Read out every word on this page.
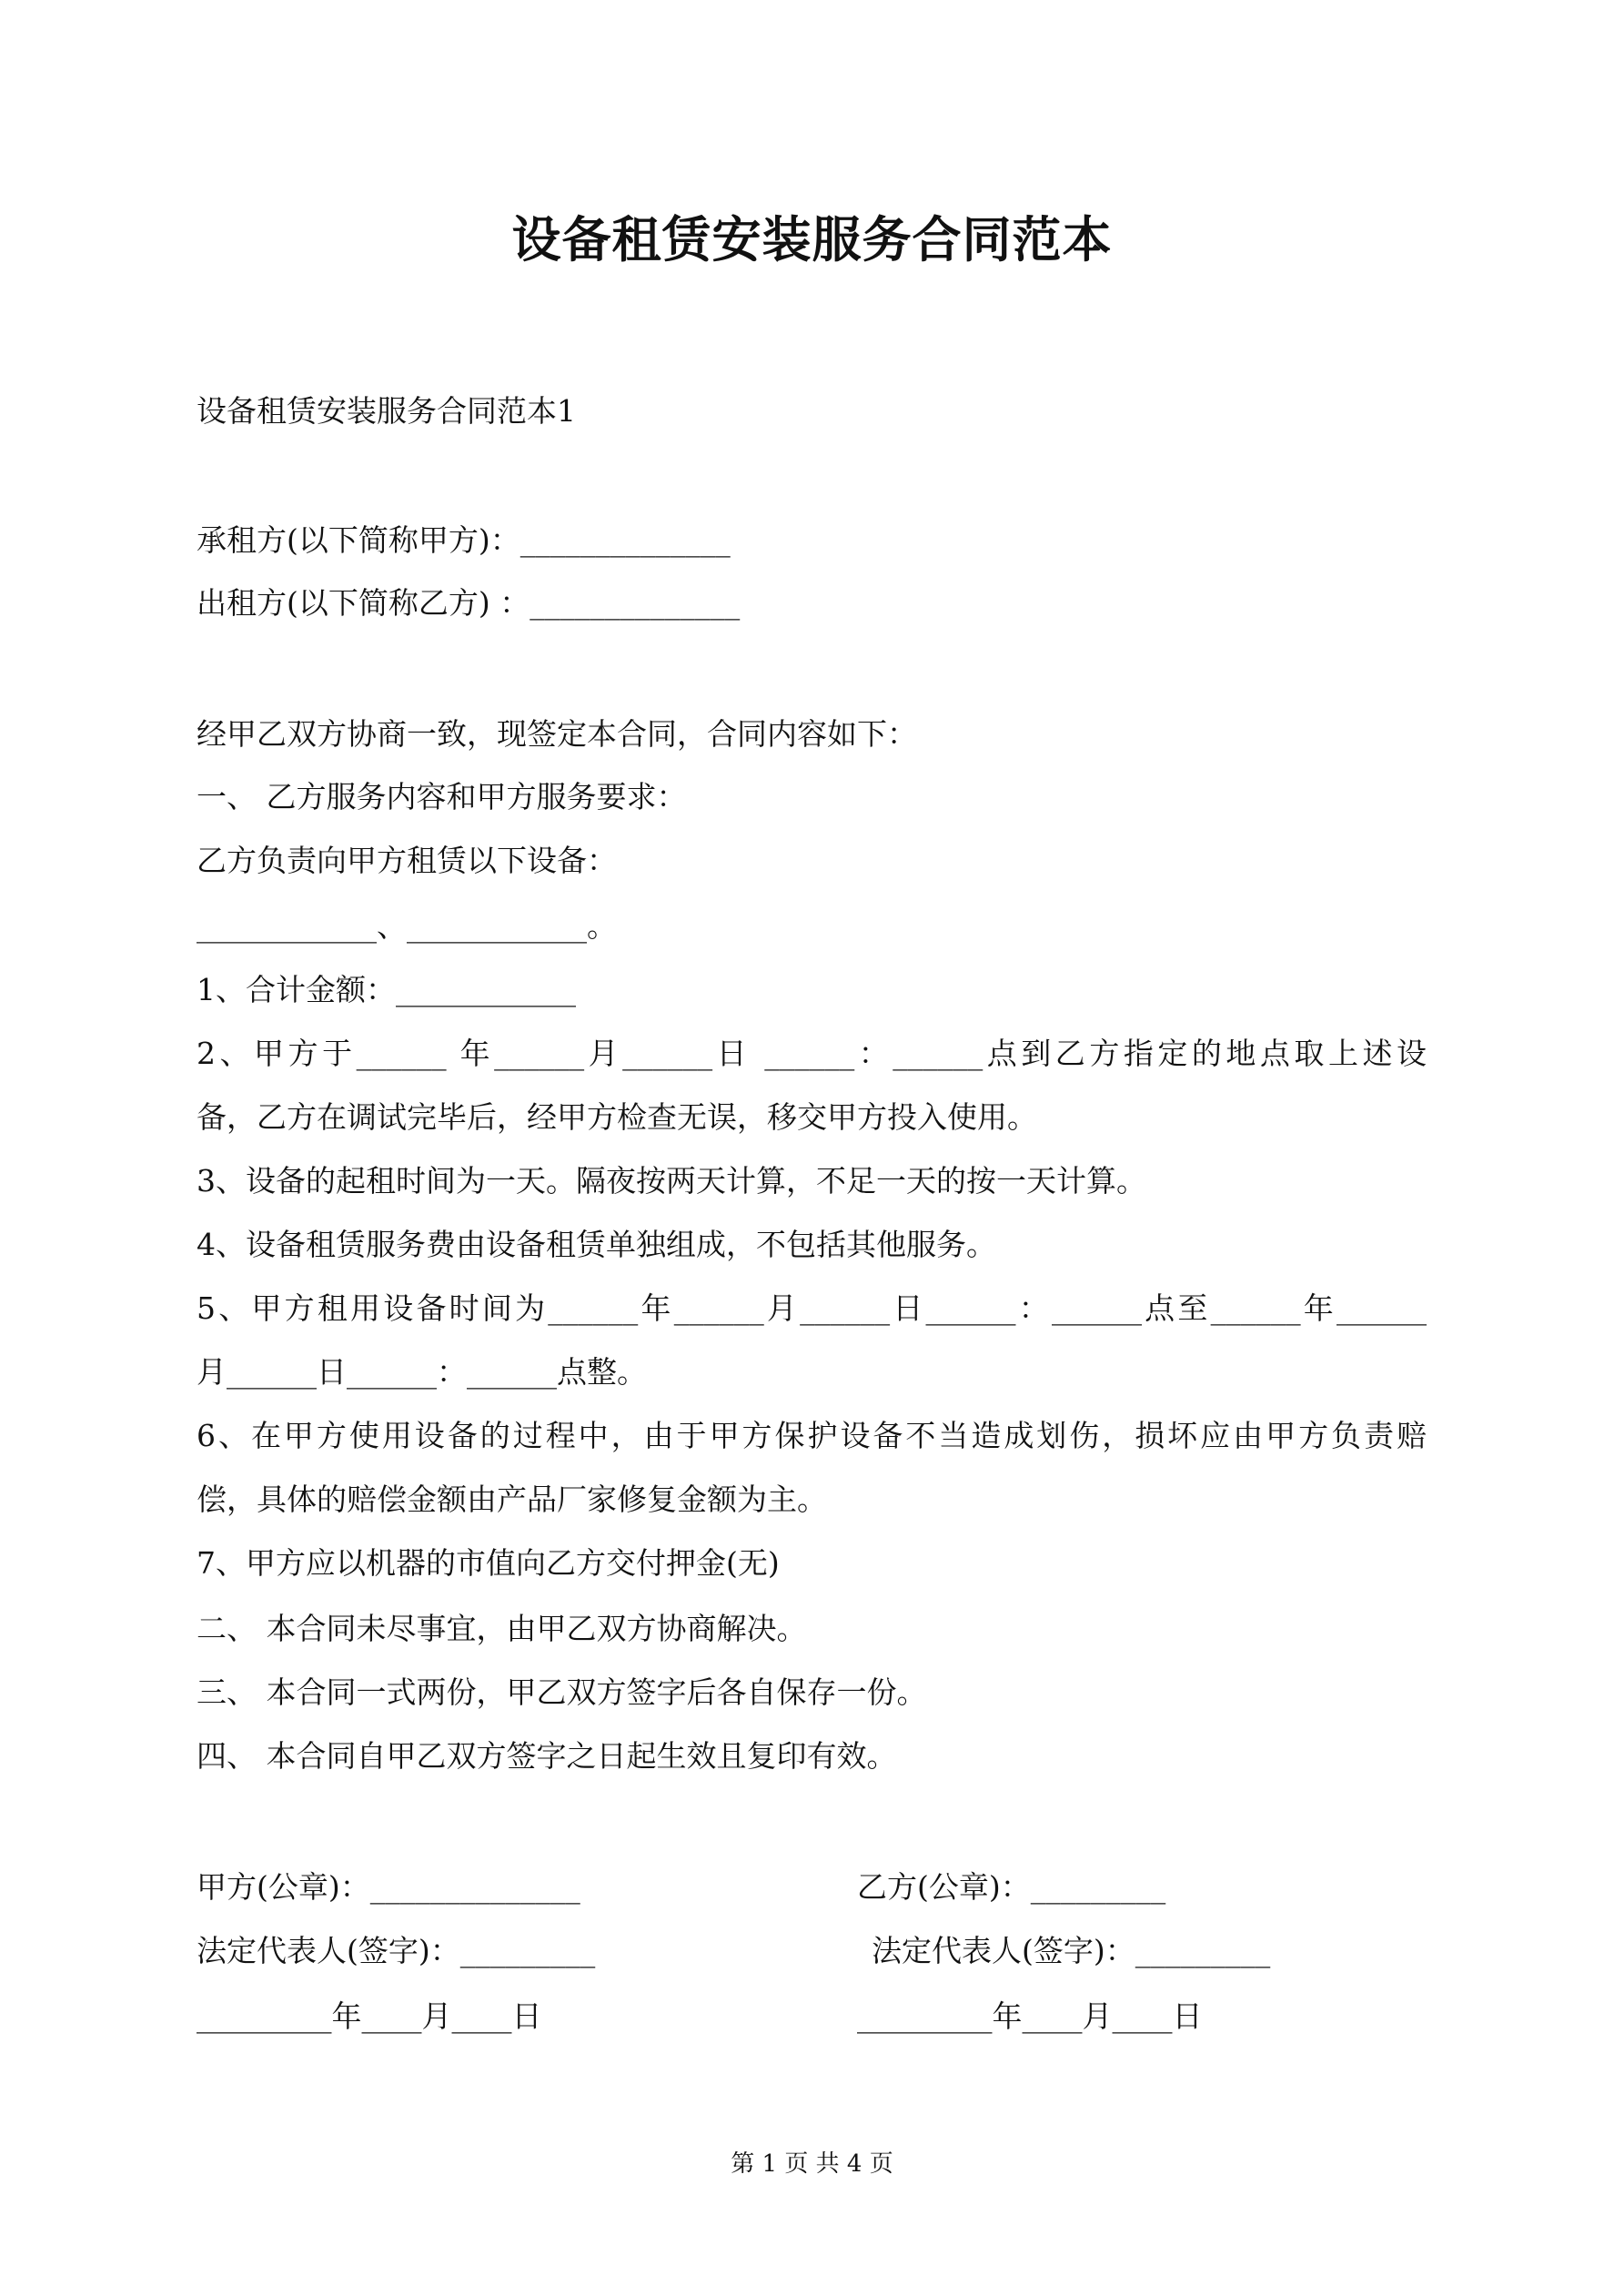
设备租赁安装服务合同范本
设备租赁安装服务合同范本1
承租方(以下简称甲方)：______________
出租方(以下简称乙方) ：______________
经甲乙双方协商一致，现签定本合同，合同内容如下：
一、 乙方服务内容和甲方服务要求：
乙方负责向甲方租赁以下设备：
____________、____________。
1、合计金额：____________
2、甲方于______ 年______月______日 ______：______点到乙方指定的地点取上述设
备，乙方在调试完毕后，经甲方检查无误，移交甲方投入使用。
3、设备的起租时间为一天。隔夜按两天计算，不足一天的按一天计算。
4、设备租赁服务费由设备租赁单独组成，不包括其他服务。
5、甲方租用设备时间为______年______月______日______：______点至______年______
月______日______：______点整。
6、在甲方使用设备的过程中，由于甲方保护设备不当造成划伤，损坏应由甲方负责赔
偿，具体的赔偿金额由产品厂家修复金额为主。
7、甲方应以机器的市值向乙方交付押金(无)
二、 本合同未尽事宜，由甲乙双方协商解决。
三、 本合同一式两份，甲乙双方签字后各自保存一份。
四、 本合同自甲乙双方签字之日起生效且复印有效。
甲方(公章)：______________	乙方(公章)：_________
法定代表人(签字)：_________	法定代表人(签字)：_________
_________年____月____日	_________年____月____日
第 1 页 共 4 页
